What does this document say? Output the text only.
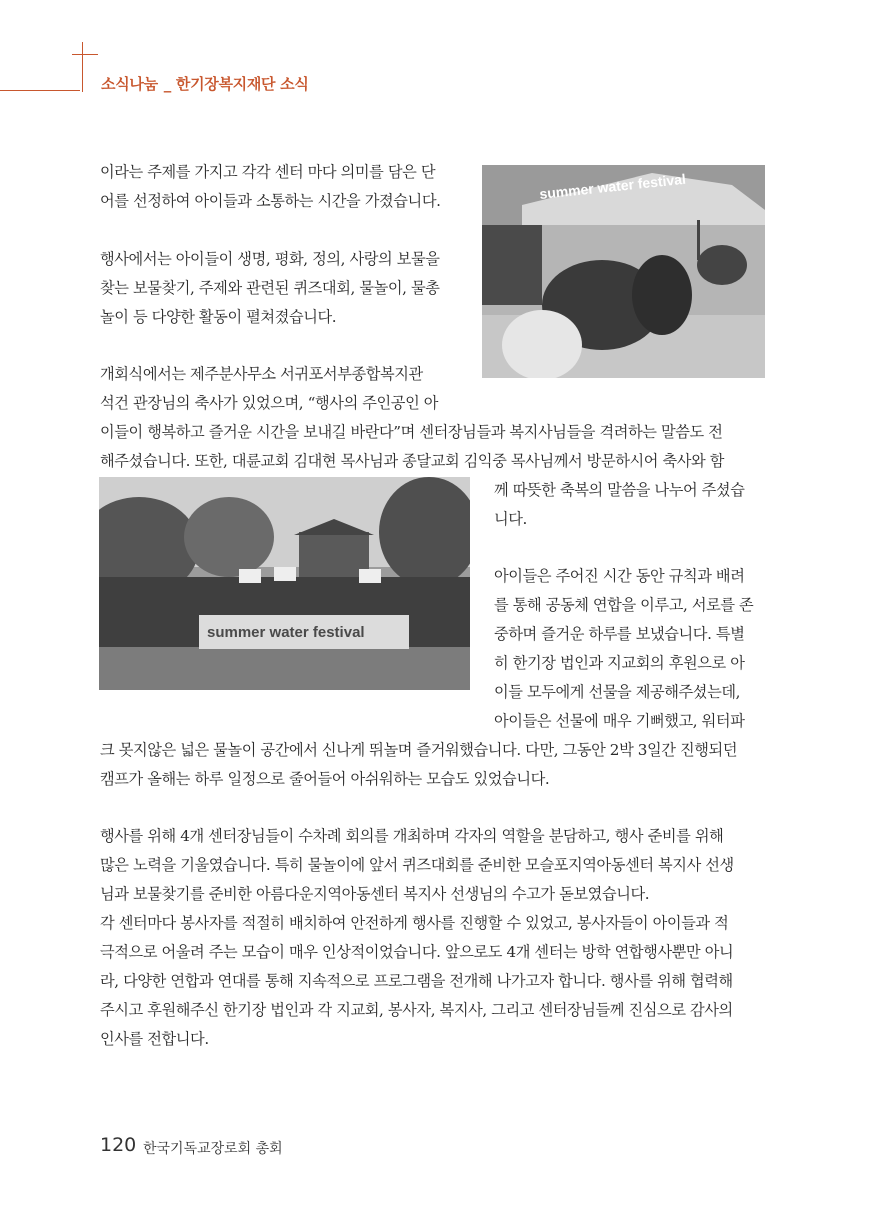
소식나눔 _ 한기장복지재단 소식
summer water festival
summer water festival

이라는 주제를 가지고 각각 센터 마다 의미를 담은 단

어를 선정하여 아이들과 소통하는 시간을 가졌습니다.

행사에서는 아이들이 생명, 평화, 정의, 사랑의 보물을

찾는 보물찾기, 주제와 관련된 퀴즈대회, 물놀이, 물총

놀이 등 다양한 활동이 펼쳐졌습니다.

개회식에서는 제주분사무소 서귀포서부종합복지관

석건 관장님의 축사가 있었으며, “행사의 주인공인 아

이들이 행복하고 즐거운 시간을 보내길 바란다”며 센터장님들과 복지사님들을 격려하는 말씀도 전

해주셨습니다. 또한, 대륜교회 김대현 목사님과 종달교회 김익중 목사님께서 방문하시어 축사와 함

께 따뜻한 축복의 말씀을 나누어 주셨습

니다.

아이들은 주어진 시간 동안 규칙과 배려

를 통해 공동체 연합을 이루고, 서로를 존

중하며 즐거운 하루를 보냈습니다. 특별

히 한기장 법인과 지교회의 후원으로 아

이들 모두에게 선물을 제공해주셨는데,

아이들은 선물에 매우 기뻐했고, 워터파

크 못지않은 넓은 물놀이 공간에서 신나게 뛰놀며 즐거워했습니다. 다만, 그동안 2박 3일간 진행되던

캠프가 올해는 하루 일정으로 줄어들어 아쉬워하는 모습도 있었습니다.

행사를 위해 4개 센터장님들이 수차례 회의를 개최하며 각자의 역할을 분담하고, 행사 준비를 위해

많은 노력을 기울였습니다. 특히 물놀이에 앞서 퀴즈대회를 준비한 모슬포지역아동센터 복지사 선생

님과 보물찾기를 준비한 아름다운지역아동센터 복지사 선생님의 수고가 돋보였습니다.

각 센터마다 봉사자를 적절히 배치하여 안전하게 행사를 진행할 수 있었고, 봉사자들이 아이들과 적

극적으로 어울려 주는 모습이 매우 인상적이었습니다. 앞으로도 4개 센터는 방학 연합행사뿐만 아니

라, 다양한 연합과 연대를 통해 지속적으로 프로그램을 전개해 나가고자 합니다. 행사를 위해 협력해

주시고 후원해주신 한기장 법인과 각 지교회, 봉사자, 복지사, 그리고 센터장님들께 진심으로 감사의

인사를 전합니다.

120 한국기독교장로회 총회
